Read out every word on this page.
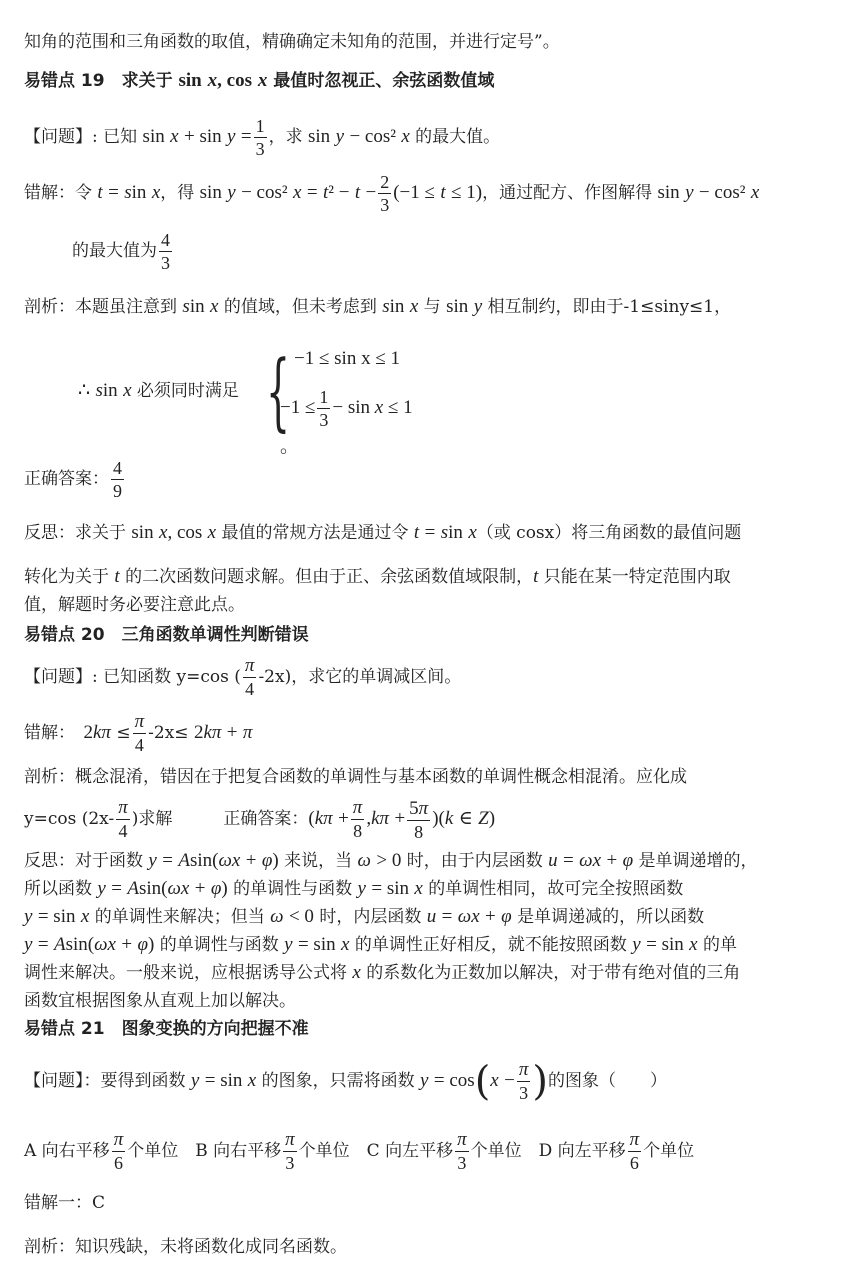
知角的范围和三角函数的取值，精确确定未知角的范围，并进行定号”。
易错点 19　求关于 sin x, cos x 最值时忽视正、余弦函数值域
【问题】: 已知 $\sin x + \sin y = \frac{1}{3}$ ，求 sin y − cos² x 的最大值。
错解：令 t = sin x，得 sin y − cos² $x = t^2 - t - \frac{2}{3} (-1 \le t \le 1)$，通过配方、作图解得 sin y − cos² x
的最大值为 $\frac{4}{3}$
剖析：本题虽注意到 sin x 的值域，但未考虑到 sin x 与 sin y 相互制约，即由于-1≤siny≤1，
∴ sin x 必须同时满足 { −1 ≤ sin x ≤ 1
$-1 \le \frac{1}{3} - \sin x \le 1$ 。
正确答案： $\frac{4}{9}$
反思：求关于 sin x, cos x 最值的常规方法是通过令 t = sin x（或 cosx）将三角函数的最值问题
转化为关于 t 的二次函数问题求解。但由于正、余弦函数值域限制，t 只能在某一特定范围内取
值，解题时务必要注意此点。
易错点 20　三角函数单调性判断错误
【问题】: 已知函数 y=cos ( $\frac{\pi}{4} -2x$)，求它的单调减区间。
错解：　$2k\pi \le \frac{\pi}{4} -2x\le 2k\pi + \pi$
剖析：概念混淆，错因在于把复合函数的单调性与基本函数的单调性概念相混淆。应化成
y=cos ($2x- \frac{\pi}{4}$ )求解　　　正确答案：$(k\pi + \frac{\pi}{8} ,k\pi + \frac{5\pi}{8} )(k$ ∈ Z)
反思：对于函数 y = Asin(ωx + φ) 来说，当 ω > 0 时，由于内层函数 u = ωx + φ 是单调递增的，
所以函数 y = Asin(ωx + φ) 的单调性与函数 y = sin x 的单调性相同，故可完全按照函数
y = sin x 的单调性来解决；但当 ω < 0 时，内层函数 u = ωx + φ 是单调递减的，所以函数
y = Asin(ωx + φ) 的单调性与函数 y = sin x 的单调性正好相反，就不能按照函数 y = sin x 的单
调性来解决。一般来说，应根据诱导公式将 x 的系数化为正数加以解决，对于带有绝对值的三角
函数宜根据图象从直观上加以解决。
易错点 21　图象变换的方向把握不准
【问题】：要得到函数 y = sin x 的图象，只需将函数 $y = \cos(x - \frac{\pi}{3}$ )的图象（　　）
A 向右平移 $\frac{\pi}{6}$ 个单位　B 向右平移 $\frac{\pi}{3}$ 个单位　C 向左平移 $\frac{\pi}{3}$ 个单位　D 向左平移 $\frac{\pi}{6}$ 个单位
错解一：C
剖析：知识残缺，未将函数化成同名函数。
